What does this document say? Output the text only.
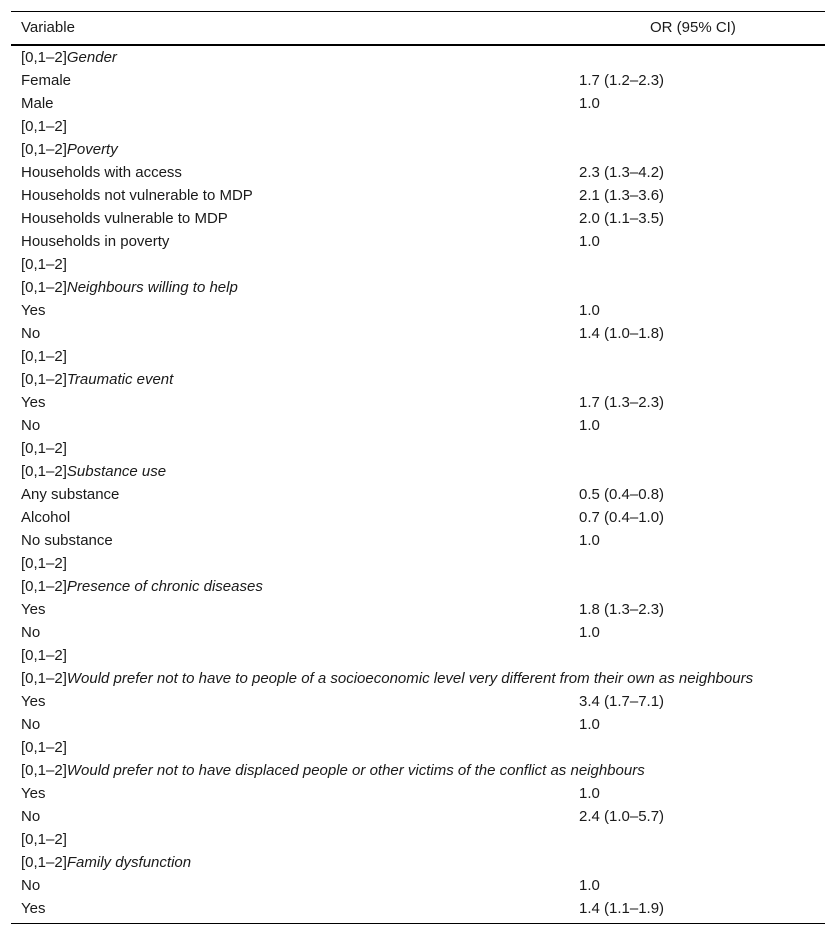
Variable	OR (95% CI)
[0,1–2]Gender
Female	1.7 (1.2–2.3)
Male	1.0
[0,1–2]
[0,1–2]Poverty
Households with access	2.3 (1.3–4.2)
Households not vulnerable to MDP	2.1 (1.3–3.6)
Households vulnerable to MDP	2.0 (1.1–3.5)
Households in poverty	1.0
[0,1–2]
[0,1–2]Neighbours willing to help
Yes	1.0
No	1.4 (1.0–1.8)
[0,1–2]
[0,1–2]Traumatic event
Yes	1.7 (1.3–2.3)
No	1.0
[0,1–2]
[0,1–2]Substance use
Any substance	0.5 (0.4–0.8)
Alcohol	0.7 (0.4–1.0)
No substance	1.0
[0,1–2]
[0,1–2]Presence of chronic diseases
Yes	1.8 (1.3–2.3)
No	1.0
[0,1–2]
[0,1–2]Would prefer not to have to people of a socioeconomic level very different from their own as neighbours
Yes	3.4 (1.7–7.1)
No	1.0
[0,1–2]
[0,1–2]Would prefer not to have displaced people or other victims of the conflict as neighbours
Yes	1.0
No	2.4 (1.0–5.7)
[0,1–2]
[0,1–2]Family dysfunction
No	1.0
Yes	1.4 (1.1–1.9)
